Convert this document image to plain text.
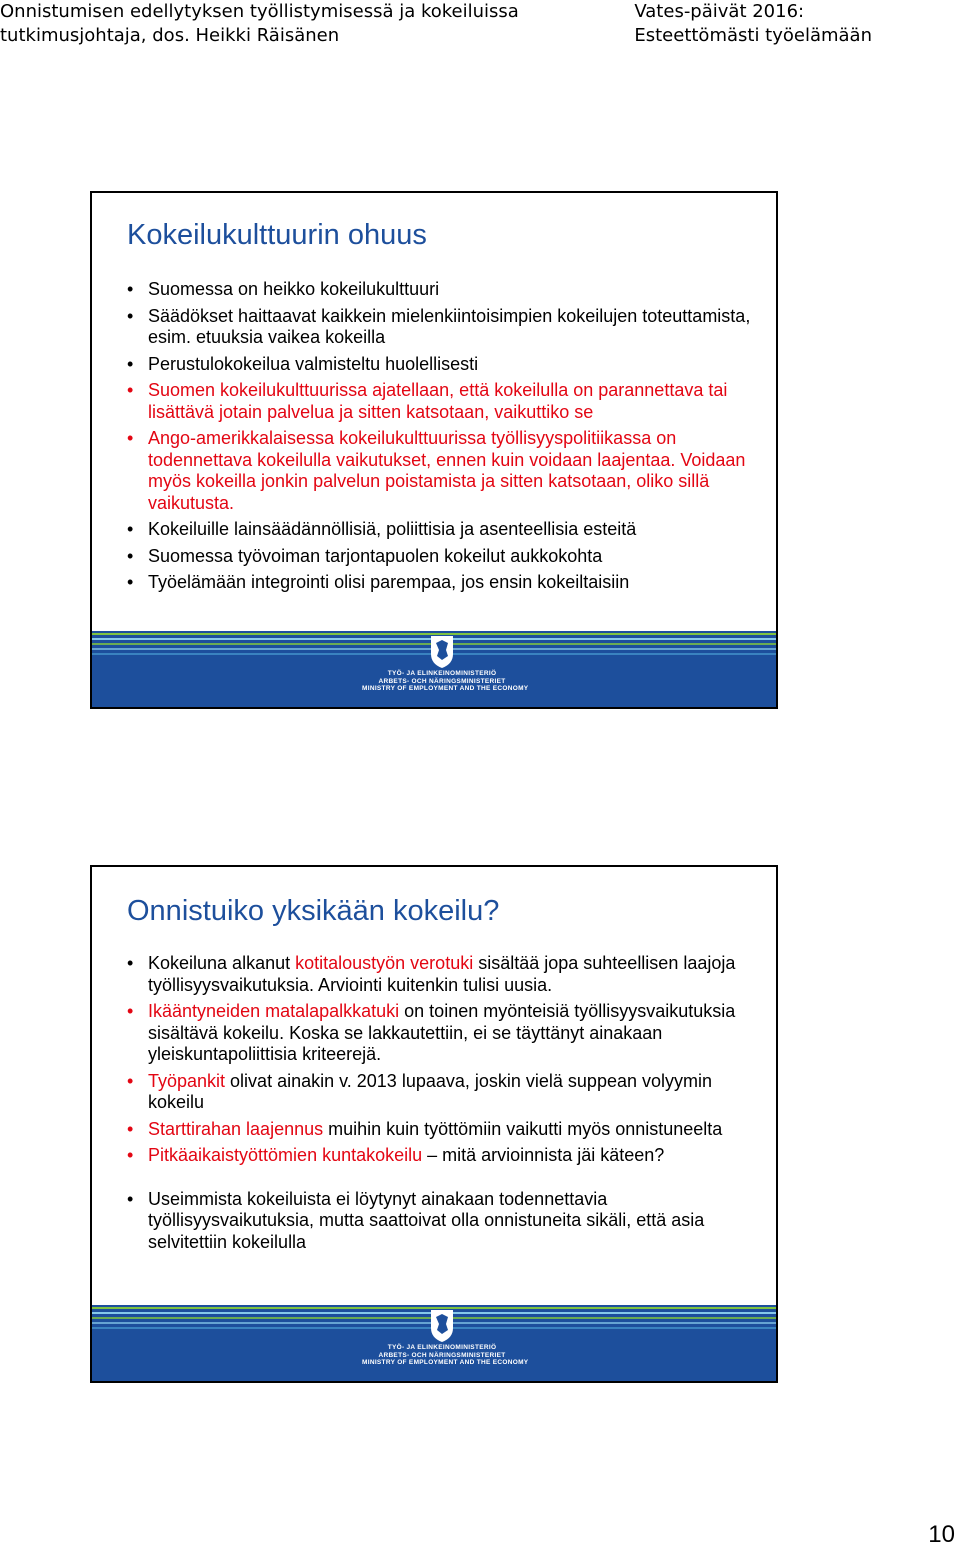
Onnistumisen edellytyksen työllistymisessä ja kokeiluissa
tutkimusjohtaja, dos. Heikki Räisänen
Vates-päivät 2016:
Esteettömästi työelämään
Kokeilukulttuurin ohuus
• Suomessa on heikko kokeilukulttuuri
• Säädökset haittaavat kaikkein mielenkiintoisimpien kokeilujen toteuttamista, esim. etuuksia vaikea kokeilla
• Perustulokokeilua valmisteltu huolellisesti
• Suomen kokeilukulttuurissa ajatellaan, että kokeilulla on parannettava tai lisättävä jotain palvelua ja sitten katsotaan, vaikuttiko se
• Ango-amerikkalaisessa kokeilukulttuurissa työllisyyspolitiikassa on todennettava kokeilulla vaikutukset, ennen kuin voidaan laajentaa. Voidaan myös kokeilla jonkin palvelun poistamista ja sitten katsotaan, oliko sillä vaikutusta.
• Kokeiluille lainsäädännöllisiä, poliittisia ja asenteellisia esteitä
• Suomessa työvoiman tarjontapuolen kokeilut aukkokohta
• Työelämään integrointi olisi parempaa, jos ensin kokeiltaisiin
TYÖ- JA ELINKEINOMINISTERIÖ
ARBETS- OCH NÄRINGSMINISTERIET
MINISTRY OF EMPLOYMENT AND THE ECONOMY
Onnistuiko yksikään kokeilu?
• Kokeiluna alkanut kotitaloustyön verotuki sisältää jopa suhteellisen laajoja työllisyysvaikutuksia. Arviointi kuitenkin tulisi uusia.
• Ikääntyneiden matalapalkkatuki on toinen myönteisiä työllisyysvaikutuksia sisältävä kokeilu. Koska se lakkautettiin, ei se täyttänyt ainakaan yleiskuntapoliittisia kriteerejä.
• Työpankit olivat ainakin v. 2013 lupaava, joskin vielä suppean volyymin kokeilu
• Starttirahan laajennus muihin kuin työttömiin vaikutti myös onnistuneelta
• Pitkäaikaistyöttömien kuntakokeilu – mitä arvioinnista jäi käteen?
• Useimmista kokeiluista ei löytynyt ainakaan todennettavia työllisyysvaikutuksia, mutta saattoivat olla onnistuneita sikäli, että asia selvitettiin kokeilulla
TYÖ- JA ELINKEINOMINISTERIÖ
ARBETS- OCH NÄRINGSMINISTERIET
MINISTRY OF EMPLOYMENT AND THE ECONOMY
10
